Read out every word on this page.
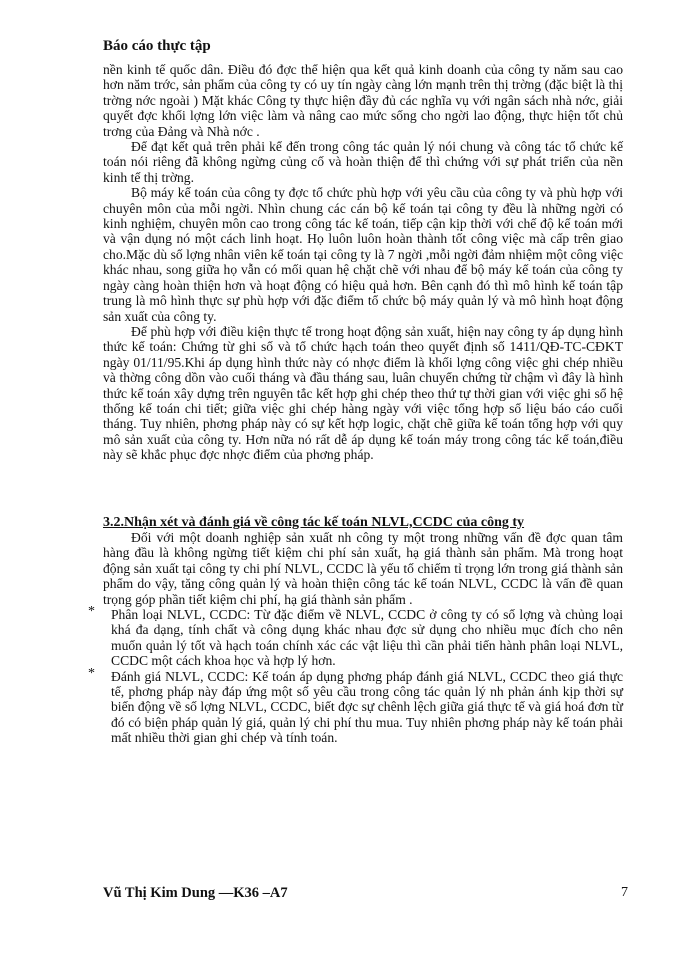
Báo cáo thực tập

nền kinh tế quốc dân. Điều đó đợc thể hiện qua kết quả kinh doanh của công ty năm sau cao hơn năm trớc, sản phẩm của công ty có uy tín ngày càng lớn mạnh trên thị trờng (đặc biệt là thị trờng nớc ngoài ) Mặt khác Công ty thực hiện đầy đủ các nghĩa vụ với ngân sách nhà nớc, giải quyết đợc khối lợng lớn việc làm và nâng cao mức sống cho ngời lao động, thực hiện tốt chủ trơng của Đảng và Nhà nớc .

Để đạt kết quả trên phải kể đến trong công tác quản lý nói chung và công tác tổ chức kế toán nói riêng đã không ngừng củng cố và hoàn thiện để thì chứng với sự phát triển của nền kinh tế thị trờng.

Bộ máy kế toán của công ty đợc tổ chức phù hợp với yêu cầu của công ty và phù hợp với chuyên môn của mỗi ngời. Nhìn chung các cán bộ kế toán tại công ty đều là những ngời có kinh nghiệm, chuyên môn cao trong công tác kế toán, tiếp cận kịp thời với chế độ kế toán mới và vận dụng nó một cách linh hoạt. Họ luôn luôn hoàn thành tốt công việc mà cấp trên giao cho.Mặc dù số lợng nhân viên kế toán tại công ty là 7 ngời ,mỗi ngời đảm nhiệm một công việc khác nhau, song giữa họ vẫn có mối quan hệ chặt chẽ với nhau để bộ máy kế toán của công ty ngày càng hoàn thiện hơn và hoạt động có hiệu quả hơn. Bên cạnh đó thì mô hình kế toán tập trung là mô hình thực sự phù hợp với đặc điểm tổ chức bộ máy quản lý và mô hình hoạt động sản xuất của công ty.

Để phù hợp với điều kiện thực tế trong hoạt động sản xuất, hiện nay công ty áp dụng hình thức kế toán: Chứng từ ghi số và tổ chức hạch toán theo quyết định số 1411/QĐ-TC-CĐKT ngày 01/11/95.Khi áp dụng hình thức này có nhợc điểm là khối lợng công việc ghi chép nhiều và thờng công dồn vào cuối tháng và đầu tháng sau, luân chuyển chứng từ chậm vì đây là hình thức kế toán xây dựng trên nguyên tắc kết hợp ghi chép theo thứ tự thời gian với việc ghi sổ hệ thống kế toán chi tiết; giữa việc ghi chép hàng ngày với việc tổng hợp số liệu báo cáo cuối tháng. Tuy nhiên, phơng pháp này có sự kết hợp logic, chặt chẽ giữa kế toán tổng hợp với quy mô sản xuất của công ty. Hơn nữa nó rất dễ áp dụng kế toán máy trong công tác kế toán,điều này sẽ khắc phục đợc nhợc điểm của phơng pháp.

3.2.Nhận xét và đánh giá về công tác kế toán NLVL,CCDC của công ty

Đối với một doanh nghiệp sản xuất nh công ty một trong những vấn đề đợc quan tâm hàng đầu là không ngừng tiết kiệm chi phí sản xuất, hạ giá thành sản phẩm. Mà trong hoạt động sản xuất tại công ty chi phí NLVL, CCDC là yếu tố chiếm tỉ trọng lớn trong giá thành sản phẩm do vậy, tăng công quản lý và hoàn thiện công tác kế toán NLVL, CCDC là vấn đề quan trọng góp phần tiết kiệm chi phí, hạ giá thành sản phẩm .

* Phân loại NLVL, CCDC: Từ đặc điểm về NLVL, CCDC ở công ty có số lợng và chủng loại khá đa dạng, tính chất và công dụng khác nhau đợc sử dụng cho nhiều mục đích cho nên muốn quản lý tốt và hạch toán chính xác các vật liệu thì cần phải tiến hành phân loại NLVL, CCDC một cách khoa học và hợp lý hơn.

* Đánh giá NLVL, CCDC: Kế toán áp dụng phơng pháp đánh giá NLVL, CCDC theo giá thực tế, phơng pháp này đáp ứng một số yêu cầu trong công tác quản lý nh phản ánh kịp thời sự biến động về số lợng NLVL, CCDC, biết đợc sự chênh lệch giữa giá thực tế và giá hoá đơn từ đó có biện pháp quản lý giá, quản lý chi phí thu mua. Tuy nhiên phơng pháp này kế toán phải mất nhiều thời gian ghi chép và tính toán.

Vũ Thị Kim Dung —K36 –A7	7
